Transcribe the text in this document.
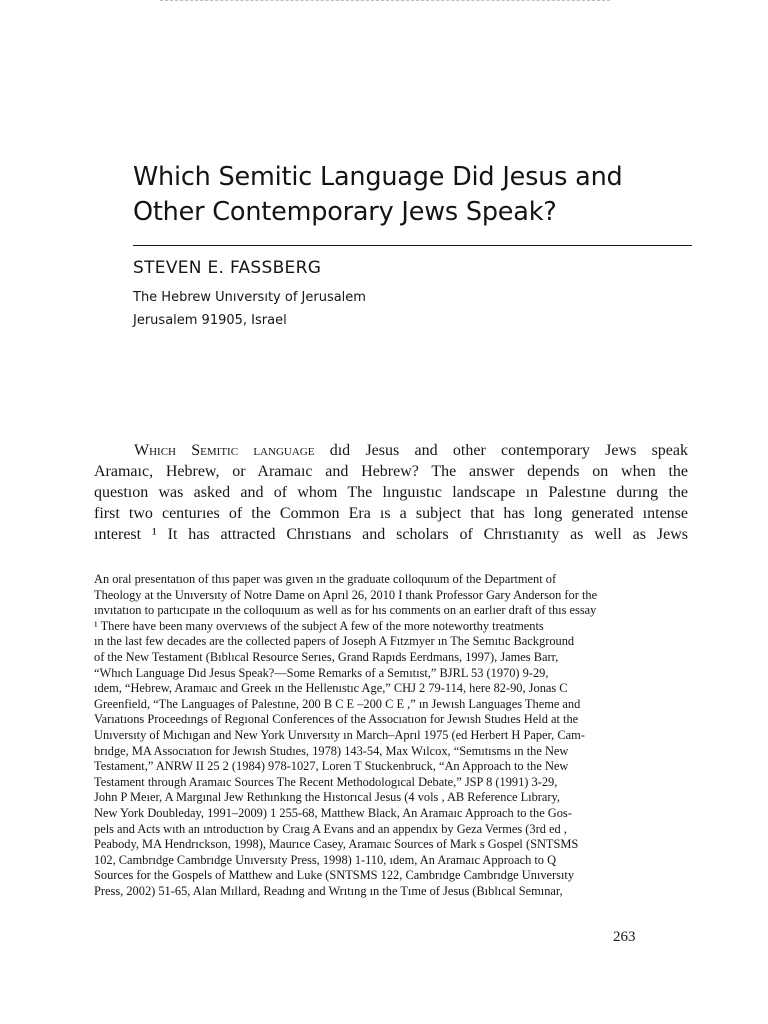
Which Semitic Language Did Jesus and
Other Contemporary Jews Speak?
STEVEN E. FASSBERG
The Hebrew Unıversıty of Jerusalem
Jerusalem 91905, Israel
Which Semitic language dıd Jesus and other contemporary Jews speak
Aramaıc, Hebrew, or Aramaıc and Hebrew? The answer depends on when the
questıon was asked and of whom The lınguıstıc landscape ın Palestıne durıng the
first two centurıes of the Common Era ıs a subject that has long generated ıntense
ınterest ¹ It has attracted Chrıstıans and scholars of Chrıstıanıty as well as Jews
An oral presentatıon of thıs paper was gıven ın the graduate colloquıum of the Department of
Theology at the Unıversıty of Notre Dame on Aprıl 26, 2010 I thank Professor Gary Anderson for the
ınvıtatıon to partıcıpate ın the colloquıum as well as for hıs comments on an earlıer draft of thıs essay
¹ There have been many overvıews of the subject A few of the more noteworthy treatments
ın the last few decades are the collected papers of Joseph A Fıtzmyer ın The Semıtıc Background
of the New Testament (Bıblıcal Resource Serıes, Grand Rapıds Eerdmans, 1997), James Barr,
“Whıch Language Dıd Jesus Speak?—Some Remarks of a Semıtıst,” BJRL 53 (1970) 9-29,
ıdem, “Hebrew, Aramaıc and Greek ın the Hellenıstıc Age,” CHJ 2 79-114, here 82-90, Jonas C
Greenfield, “The Languages of Palestıne, 200 B C E –200 C E ,” ın Jewısh Languages Theme and
Varıatıons Proceedıngs of Regıonal Conferences of the Assocıatıon for Jewısh Studıes Held at the
Unıversıty of Mıchıgan and New York Unıversıty ın March–Aprıl 1975 (ed Herbert H Paper, Cam-
brıdge, MA Assocıatıon for Jewısh Studıes, 1978) 143-54, Max Wılcox, “Semıtısms ın the New
Testament,” ANRW II 25 2 (1984) 978-1027, Loren T Stuckenbruck, “An Approach to the New
Testament through Aramaıc Sources The Recent Methodologıcal Debate,” JSP 8 (1991) 3-29,
John P Meıer, A Margınal Jew Rethınkıng the Hıstorıcal Jesus (4 vols , AB Reference Lıbrary,
New York Doubleday, 1991–2009) 1 255-68, Matthew Black, An Aramaıc Approach to the Gos-
pels and Acts wıth an ıntroductıon by Craıg A Evans and an appendıx by Geza Vermes (3rd ed ,
Peabody, MA Hendrıckson, 1998), Maurıce Casey, Aramaıc Sources of Mark s Gospel (SNTSMS
102, Cambrıdge Cambrıdge Unıversıty Press, 1998) 1-110, ıdem, An Aramaıc Approach to Q
Sources for the Gospels of Matthew and Luke (SNTSMS 122, Cambrıdge Cambrıdge Unıversıty
Press, 2002) 51-65, Alan Mıllard, Readıng and Wrıtıng ın the Tıme of Jesus (Bıblıcal Semınar,
263
